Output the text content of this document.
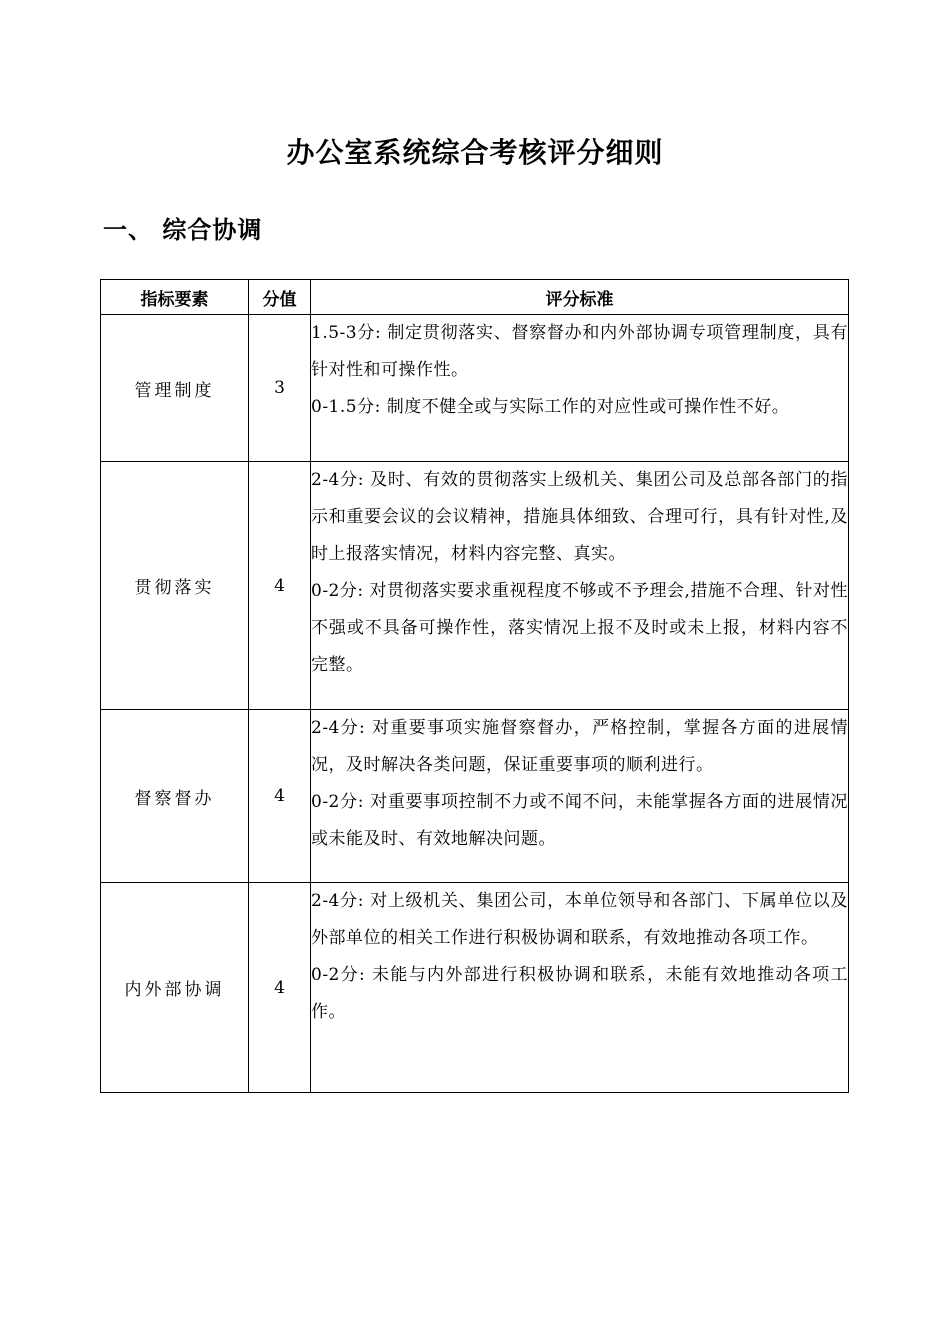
办公室系统综合考核评分细则
一、 综合协调
指标要素	分值	评分标准
管理制度	3	1.5-3分: 制定贯彻落实、督察督办和内外部协调专项管理制度，具有针对性和可操作性。
0-1.5分: 制度不健全或与实际工作的对应性或可操作性不好。

贯彻落实	4	2-4分: 及时、有效的贯彻落实上级机关、集团公司及总部各部门的指示和重要会议的会议精神，措施具体细致、合理可行，具有针对性,及时上报落实情况，材料内容完整、真实。
0-2分: 对贯彻落实要求重视程度不够或不予理会,措施不合理、针对性不强或不具备可操作性，落实情况上报不及时或未上报，材料内容不完整。

督察督办	4	2-4分: 对重要事项实施督察督办，严格控制，掌握各方面的进展情况，及时解决各类问题，保证重要事项的顺利进行。
0-2分: 对重要事项控制不力或不闻不问，未能掌握各方面的进展情况或未能及时、有效地解决问题。

内外部协调	4	2-4分: 对上级机关、集团公司，本单位领导和各部门、下属单位以及外部单位的相关工作进行积极协调和联系，有效地推动各项工作。
0-2分: 未能与内外部进行积极协调和联系，未能有效地推动各项工作。
